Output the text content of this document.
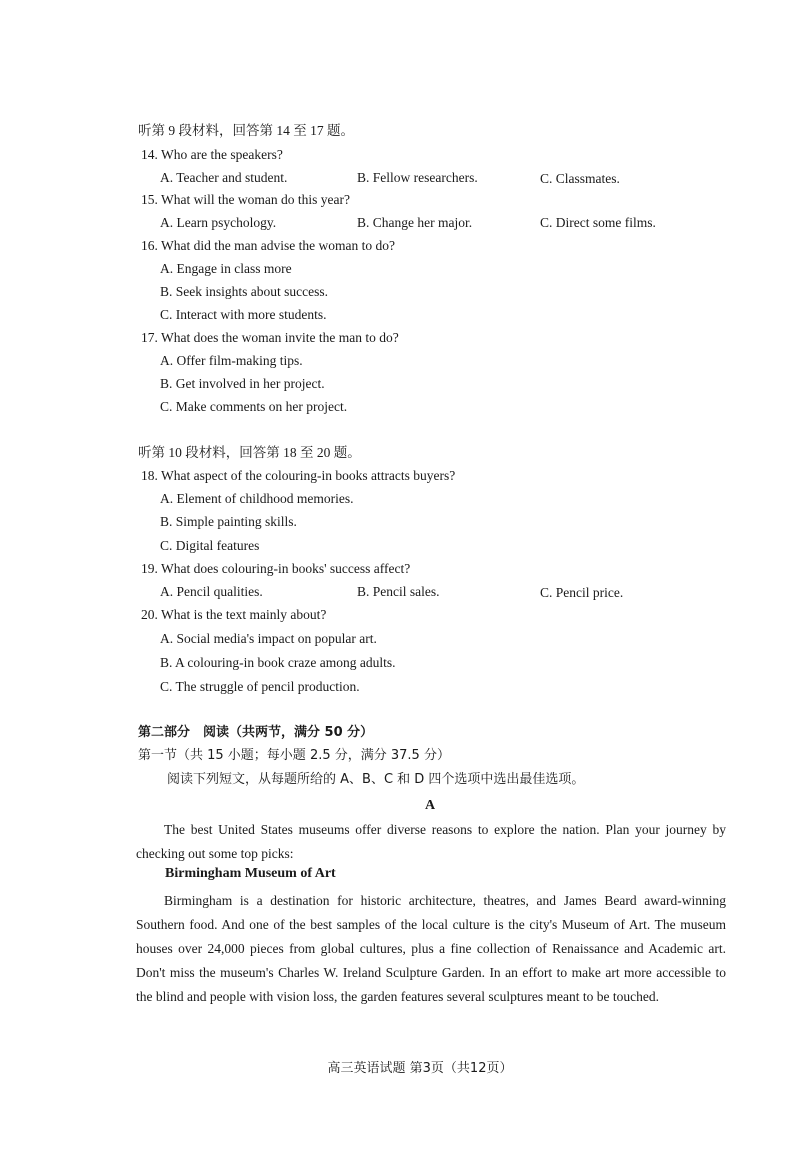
听第 9 段材料，回答第 14 至 17 题。
14. Who are the speakers?
A. Teacher and student.	B. Fellow researchers.	C. Classmates.
15. What will the woman do this year?
A. Learn psychology.	B. Change her major.	C. Direct some films.
16. What did the man advise the woman to do?
A. Engage in class more
B. Seek insights about success.
C. Interact with more students.
17. What does the woman invite the man to do?
A. Offer film-making tips.
B. Get involved in her project.
C. Make comments on her project.
听第 10 段材料，回答第 18 至 20 题。
18. What aspect of the colouring-in books attracts buyers?
A. Element of childhood memories.
B. Simple painting skills.
C. Digital features
19. What does colouring-in books' success affect?
A. Pencil qualities.	B. Pencil sales.	C. Pencil price.
20. What is the text mainly about?
A. Social media's impact on popular art.
B. A colouring-in book craze among adults.
C. The struggle of pencil production.
第二部分　阅读（共两节，满分 50 分）
第一节（共 15 小题；每小题 2.5 分，满分 37.5 分）
阅读下列短文，从每题所给的 A、B、C 和 D 四个选项中选出最佳选项。
A
The best United States museums offer diverse reasons to explore the nation. Plan your journey by checking out some top picks:
Birmingham Museum of Art
Birmingham is a destination for historic architecture, theatres, and James Beard award-winning Southern food. And one of the best samples of the local culture is the city's Museum of Art. The museum houses over 24,000 pieces from global cultures, plus a fine collection of Renaissance and Academic art. Don't miss the museum's Charles W. Ireland Sculpture Garden. In an effort to make art more accessible to the blind and people with vision loss, the garden features several sculptures meant to be touched.
高三英语试题 第3页（共12页）
